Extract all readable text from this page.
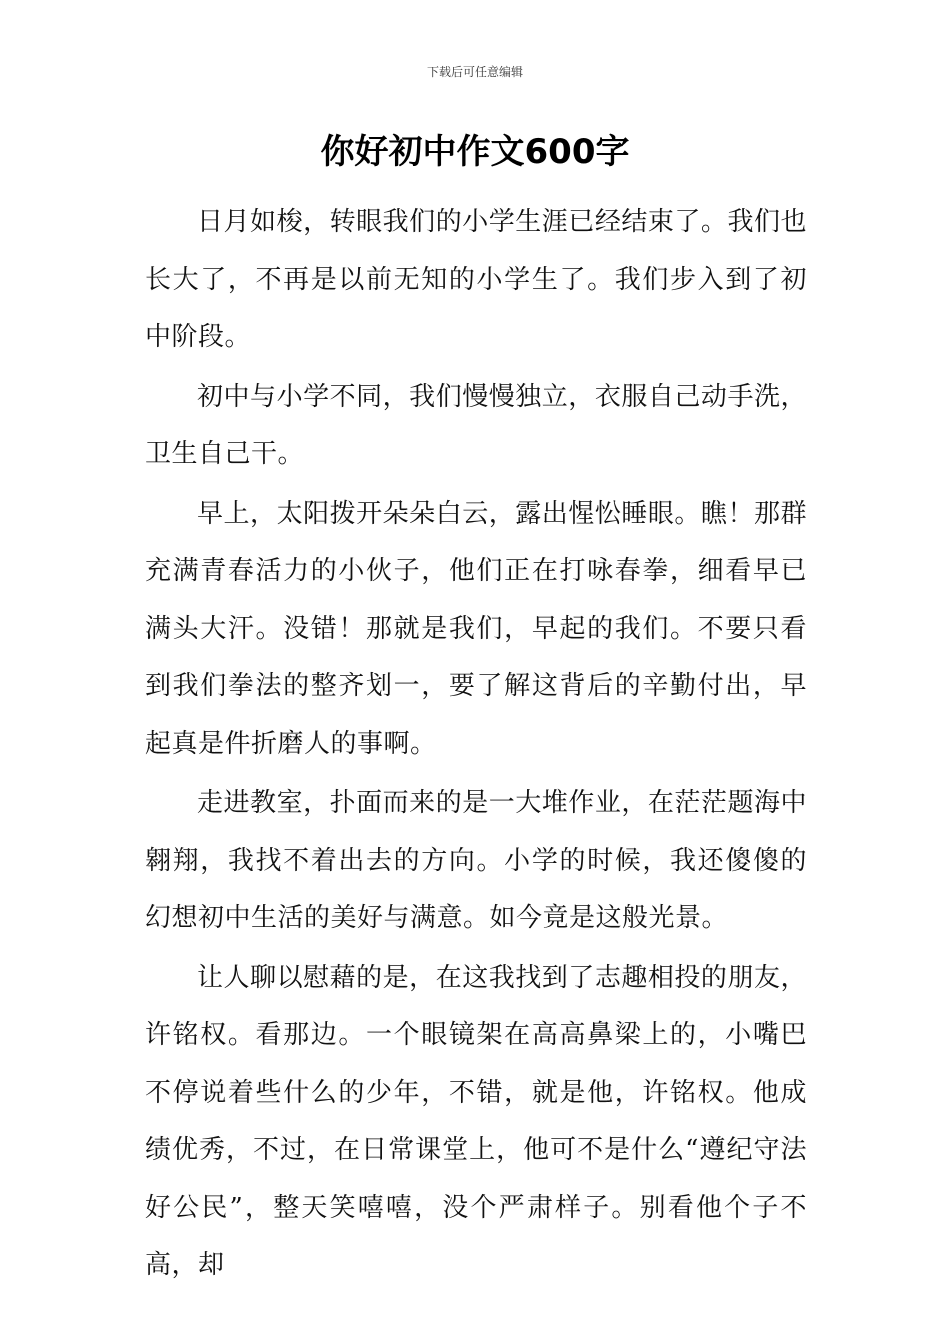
下载后可任意编辑
你好初中作文600字

日月如梭，转眼我们的小学生涯已经结束了。我们也长大了，不再是以前无知的小学生了。我们步入到了初中阶段。

初中与小学不同，我们慢慢独立，衣服自己动手洗，卫生自己干。

早上，太阳拨开朵朵白云，露出惺忪睡眼。瞧！那群充满青春活力的小伙子，他们正在打咏春拳，细看早已满头大汗。没错！那就是我们，早起的我们。不要只看到我们拳法的整齐划一，要了解这背后的辛勤付出，早起真是件折磨人的事啊。

走进教室，扑面而来的是一大堆作业，在茫茫题海中翱翔，我找不着出去的方向。小学的时候，我还傻傻的幻想初中生活的美好与满意。如今竟是这般光景。

让人聊以慰藉的是，在这我找到了志趣相投的朋友，许铭权。看那边。一个眼镜架在高高鼻梁上的，小嘴巴不停说着些什么的少年，不错，就是他，许铭权。他成绩优秀，不过，在日常课堂上，他可不是什么“遵纪守法好公民”，整天笑嘻嘻，没个严肃样子。别看他个子不高，却
